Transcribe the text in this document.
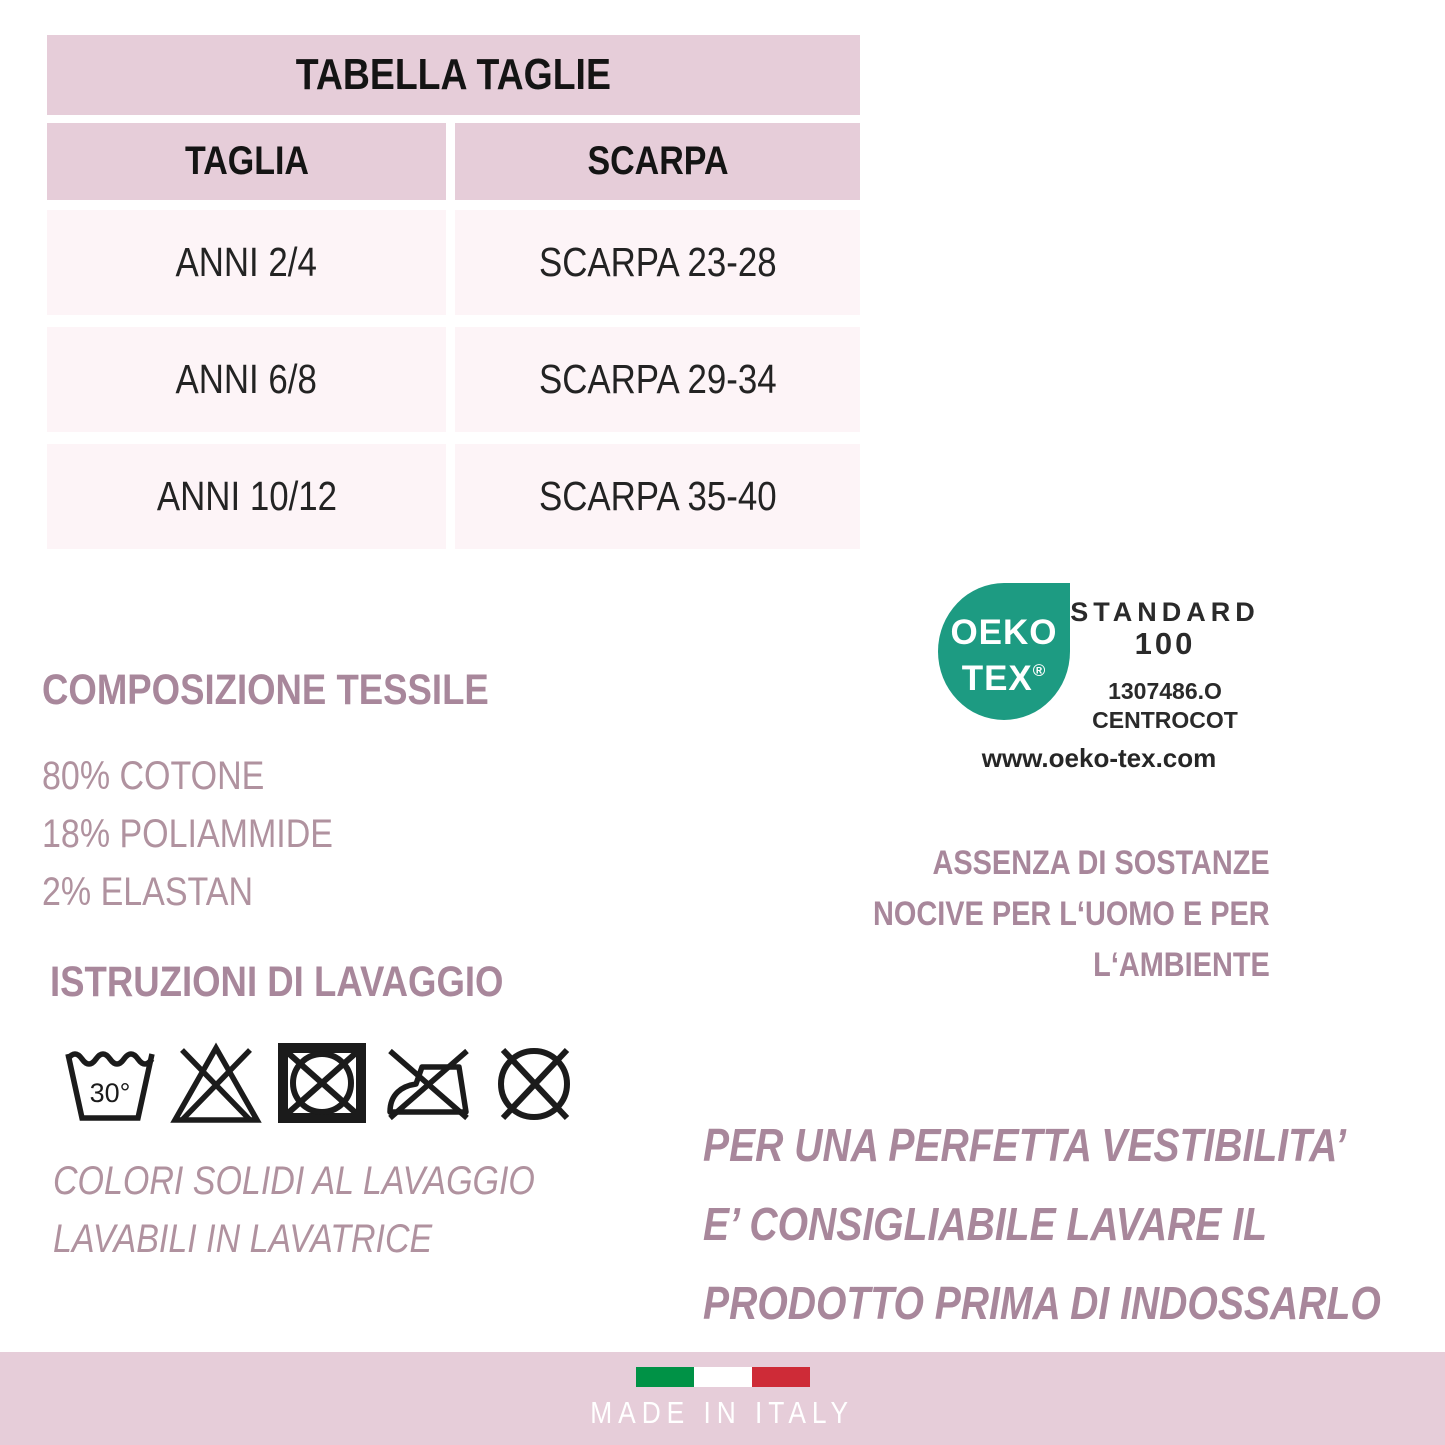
TABELLA TAGLIE
TAGLIA	SCARPA
ANNI 2/4	SCARPA 23-28
ANNI 6/8	SCARPA 29-34
ANNI 10/12	SCARPA 35-40
OEKO
TEX®
STANDARD
100
1307486.O
CENTROCOT
www.oeko-tex.com
COMPOSIZIONE TESSILE
80% COTONE
18% POLIAMMIDE
2% ELASTAN
ISTRUZIONI DI LAVAGGIO
30°
COLORI SOLIDI AL LAVAGGIO
LAVABILI IN LAVATRICE
ASSENZA DI SOSTANZE
NOCIVE PER L‘UOMO E PER
L‘AMBIENTE
PER UNA PERFETTA VESTIBILITA’
E’ CONSIGLIABILE LAVARE IL
PRODOTTO PRIMA DI INDOSSARLO
MADE IN ITALY
